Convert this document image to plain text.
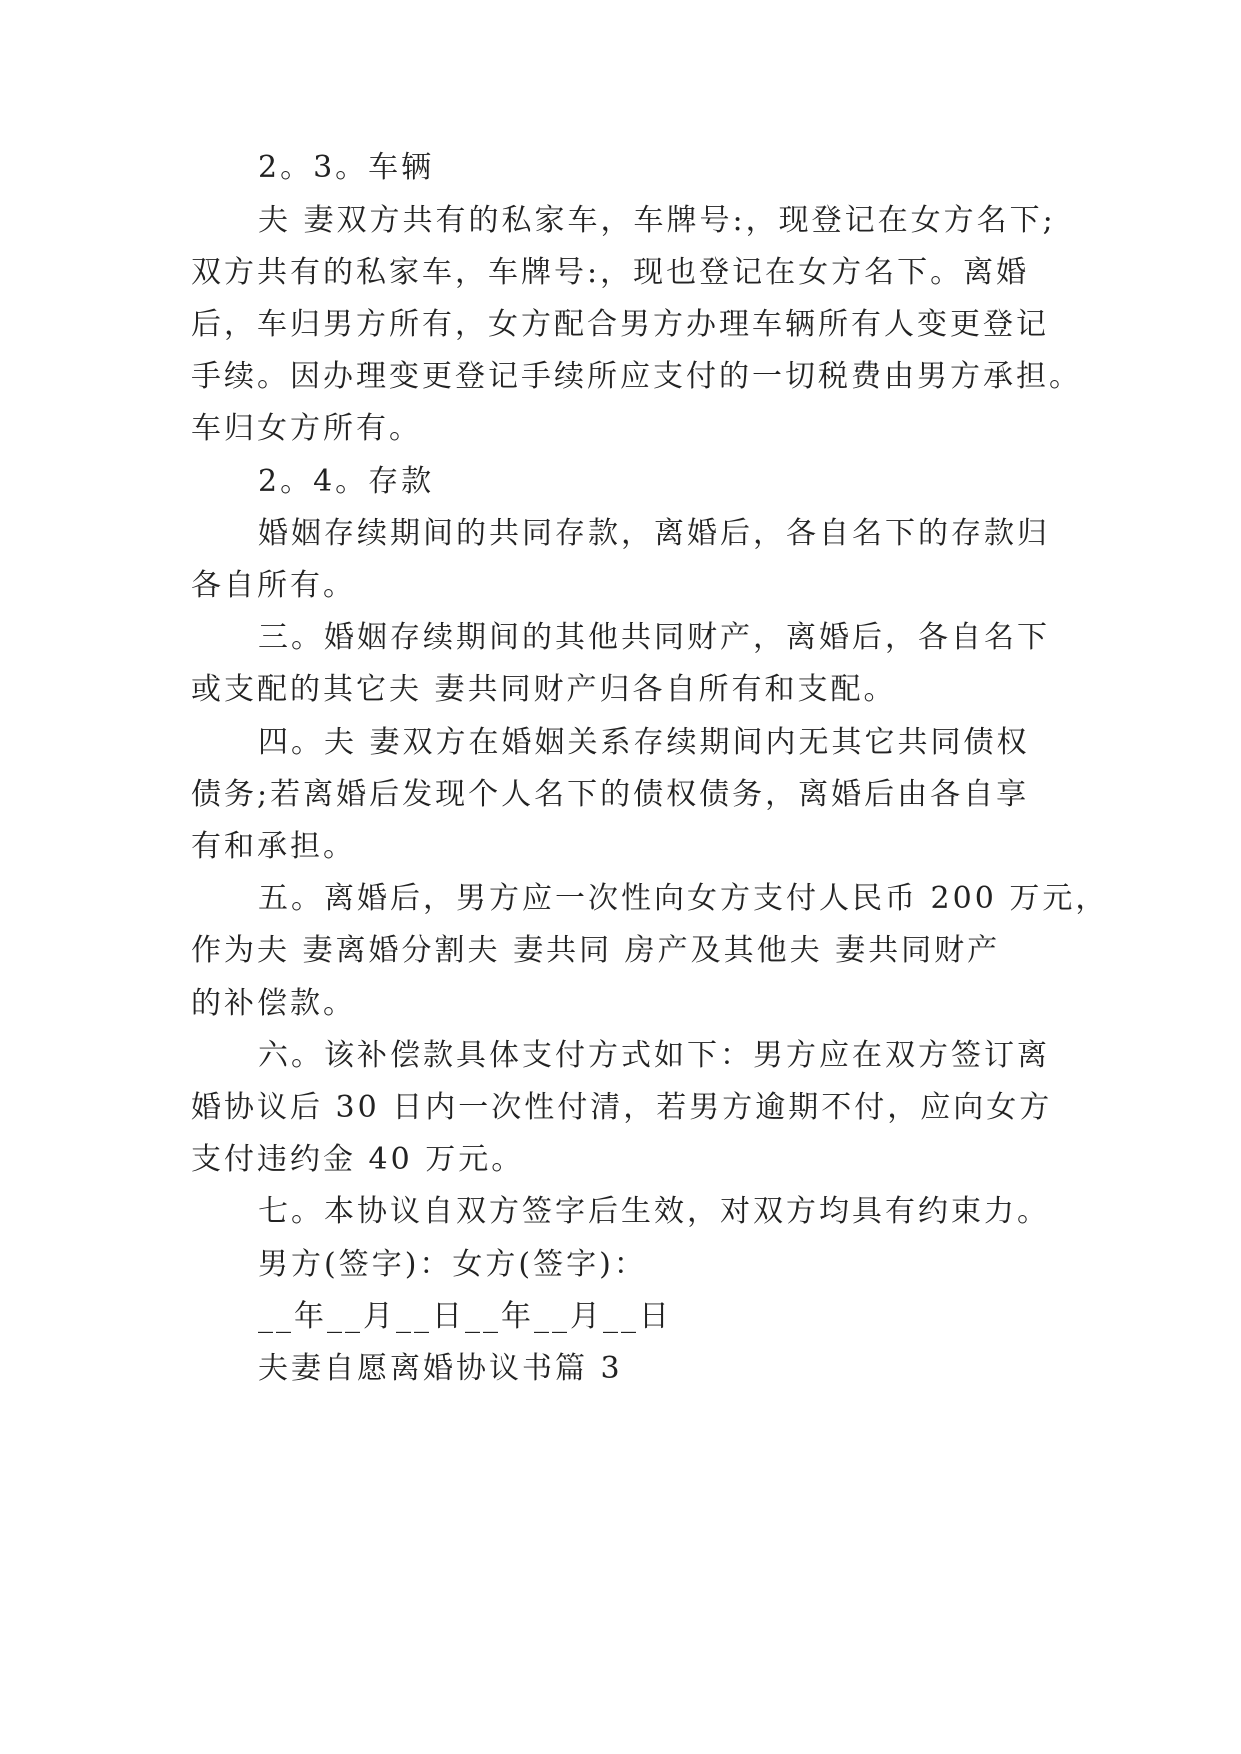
2。3。车辆
夫 妻双方共有的私家车，车牌号:，现登记在女方名下;
双方共有的私家车，车牌号:，现也登记在女方名下。离婚
后，车归男方所有，女方配合男方办理车辆所有人变更登记
手续。因办理变更登记手续所应支付的一切税费由男方承担。
车归女方所有。
2。4。存款
婚姻存续期间的共同存款，离婚后，各自名下的存款归
各自所有。
三。婚姻存续期间的其他共同财产，离婚后，各自名下
或支配的其它夫 妻共同财产归各自所有和支配。
四。夫 妻双方在婚姻关系存续期间内无其它共同债权
债务;若离婚后发现个人名下的债权债务，离婚后由各自享
有和承担。
五。离婚后，男方应一次性向女方支付人民币 200 万元，
作为夫 妻离婚分割夫 妻共同 房产及其他夫 妻共同财产
的补偿款。
六。该补偿款具体支付方式如下：男方应在双方签订离
婚协议后 30 日内一次性付清，若男方逾期不付，应向女方
支付违约金 40 万元。
七。本协议自双方签字后生效，对双方均具有约束力。
男方(签字)：女方(签字)：
__年__月__日__年__月__日
夫妻自愿离婚协议书篇 3
